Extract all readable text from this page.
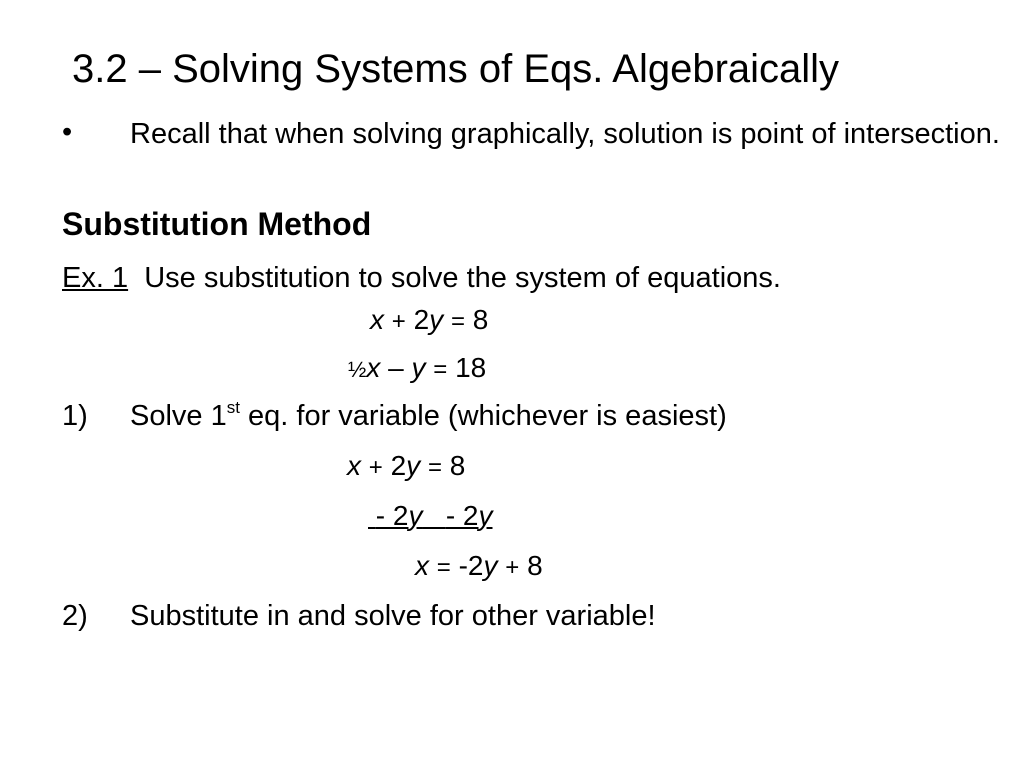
3.2 – Solving Systems of Eqs. Algebraically
• Recall that when solving graphically, solution is point of intersection.
Substitution Method
Ex. 1 Use substitution to solve the system of equations.
x + 2y = 8
½x – y = 18
1) Solve 1st eq. for variable (whichever is easiest)
x + 2y = 8
- 2y - 2y
x = -2y + 8
2) Substitute in and solve for other variable!
